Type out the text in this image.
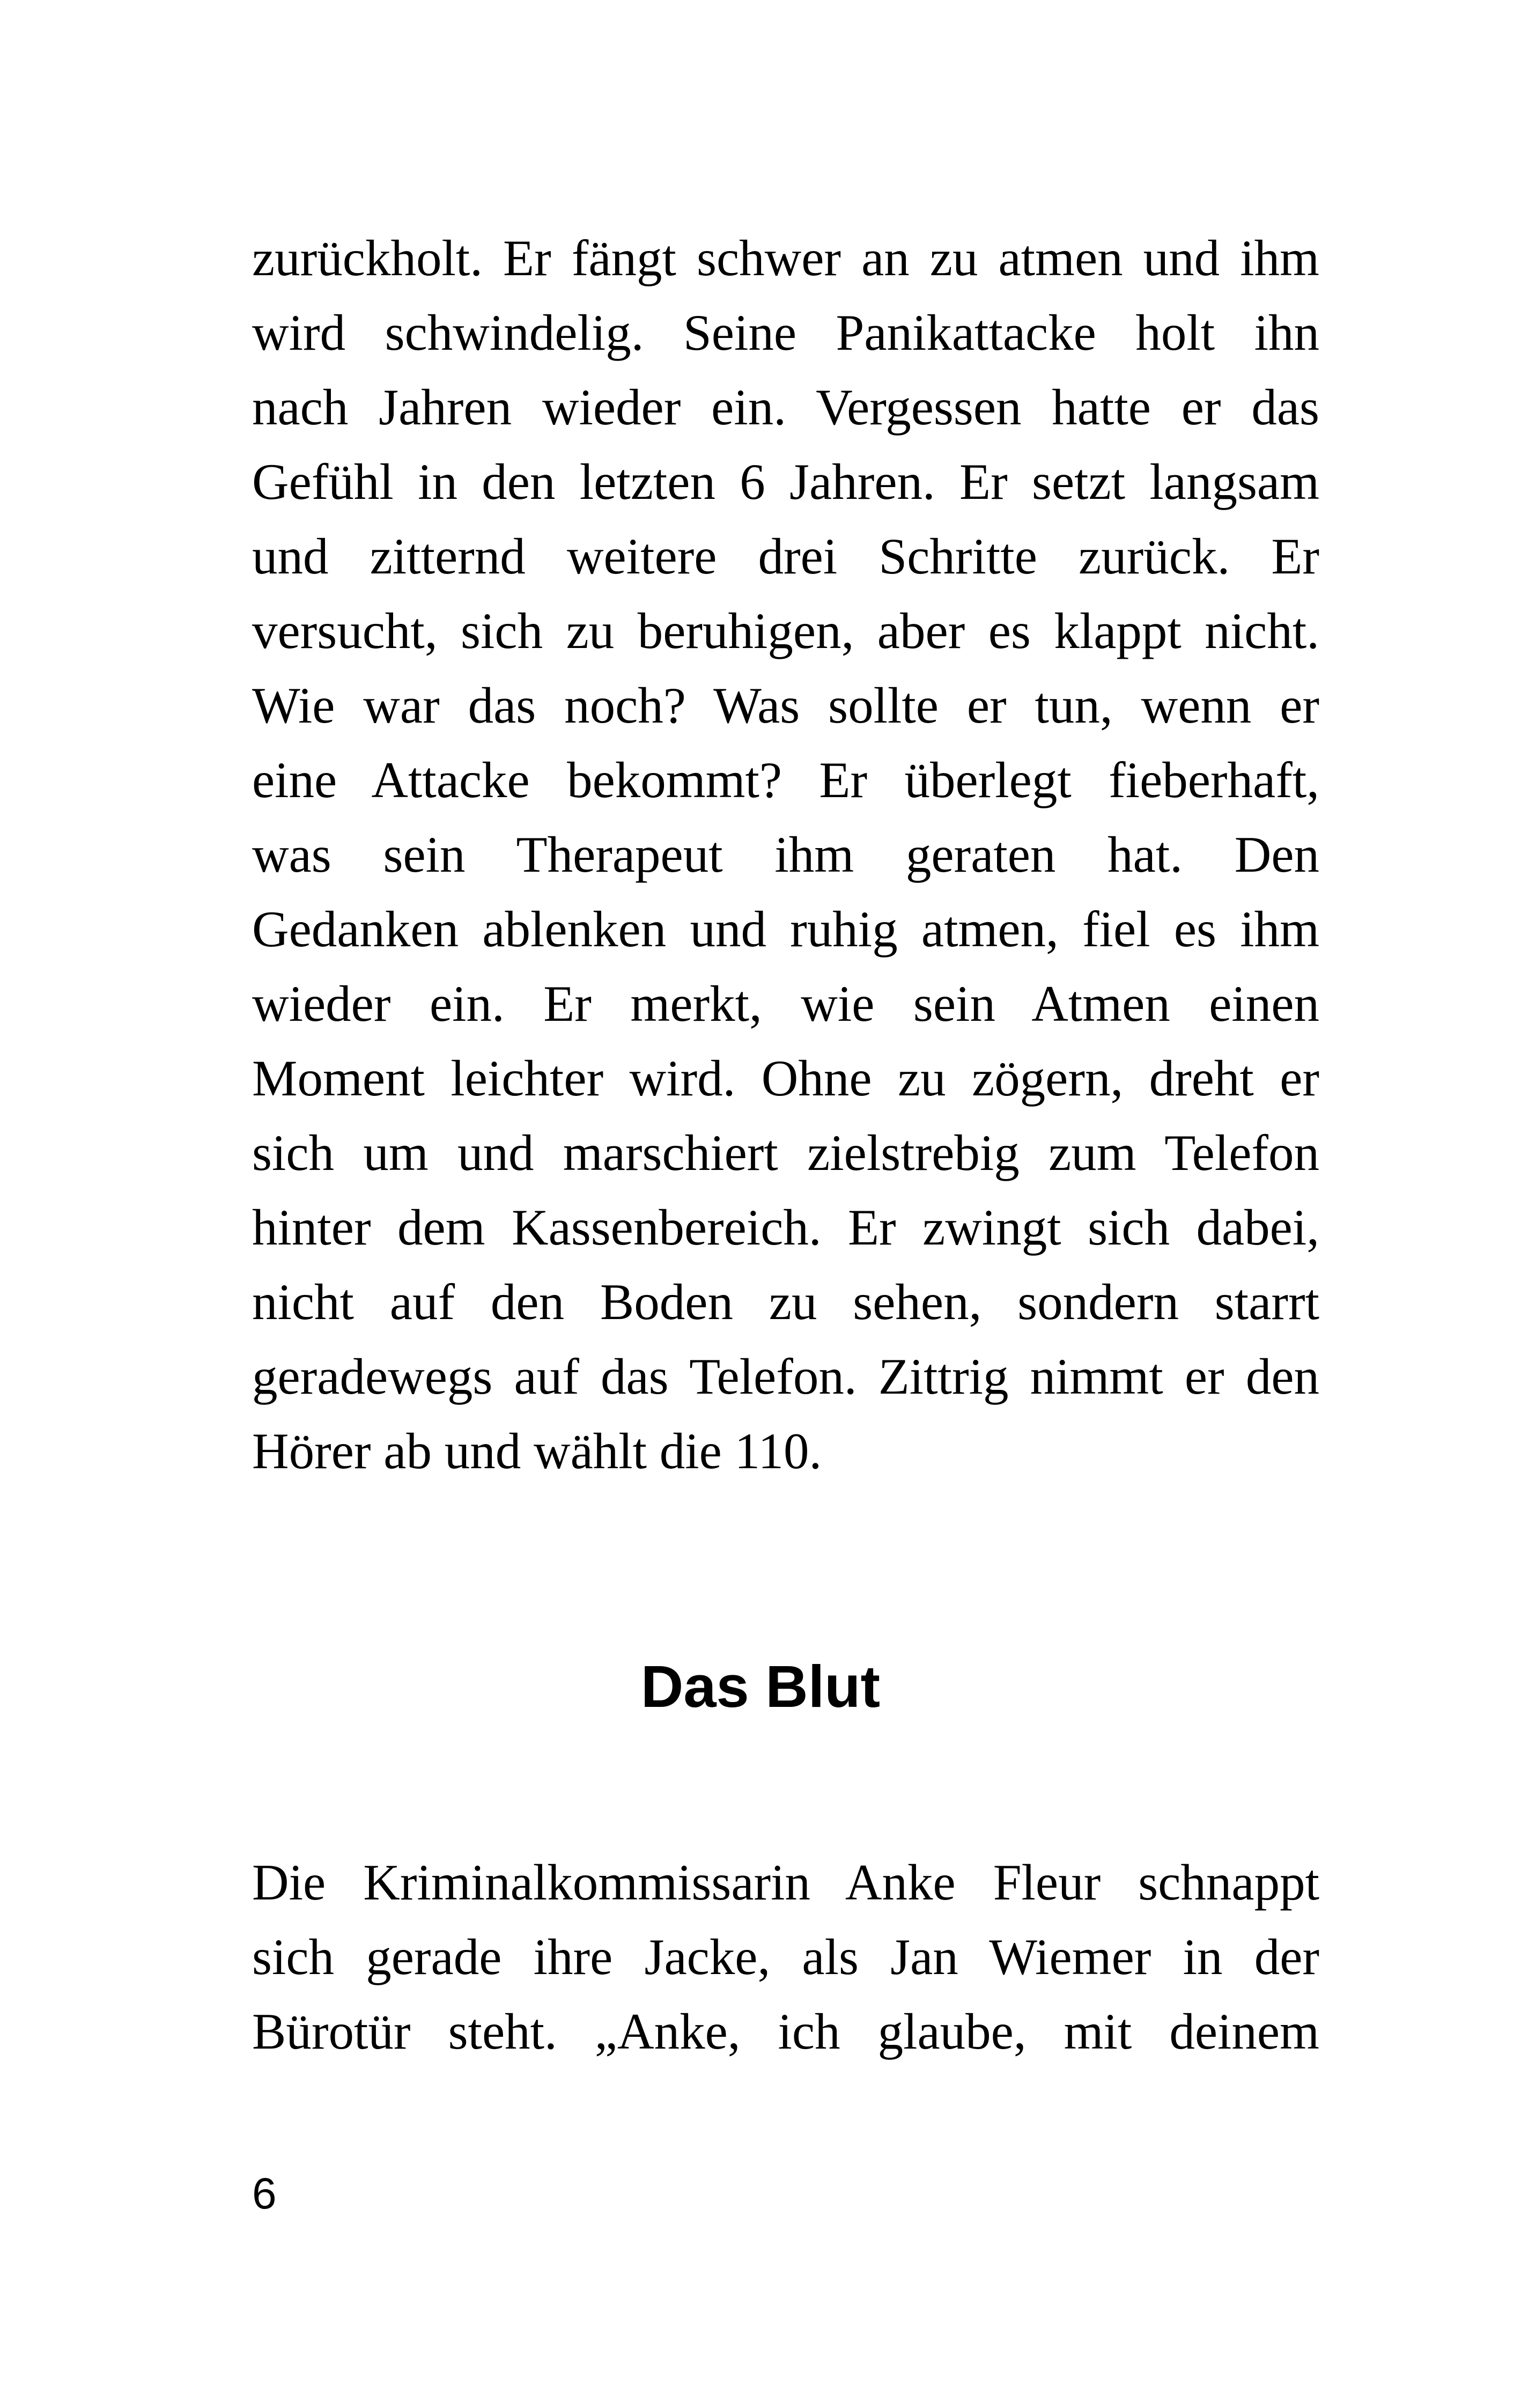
zurückholt. Er fängt schwer an zu atmen und ihm
wird schwindelig. Seine Panikattacke holt ihn
nach Jahren wieder ein. Vergessen hatte er das
Gefühl in den letzten 6 Jahren. Er setzt langsam
und zitternd weitere drei Schritte zurück. Er
versucht, sich zu beruhigen, aber es klappt nicht.
Wie war das noch? Was sollte er tun, wenn er
eine Attacke bekommt? Er überlegt fieberhaft,
was sein Therapeut ihm geraten hat. Den
Gedanken ablenken und ruhig atmen, fiel es ihm
wieder ein. Er merkt, wie sein Atmen einen
Moment leichter wird. Ohne zu zögern, dreht er
sich um und marschiert zielstrebig zum Telefon
hinter dem Kassenbereich. Er zwingt sich dabei,
nicht auf den Boden zu sehen, sondern starrt
geradewegs auf das Telefon. Zittrig nimmt er den
Hörer ab und wählt die 110.
Das Blut
Die Kriminalkommissarin Anke Fleur schnappt
sich gerade ihre Jacke, als Jan Wiemer in der
Bürotür steht. „Anke, ich glaube, mit deinem
6
